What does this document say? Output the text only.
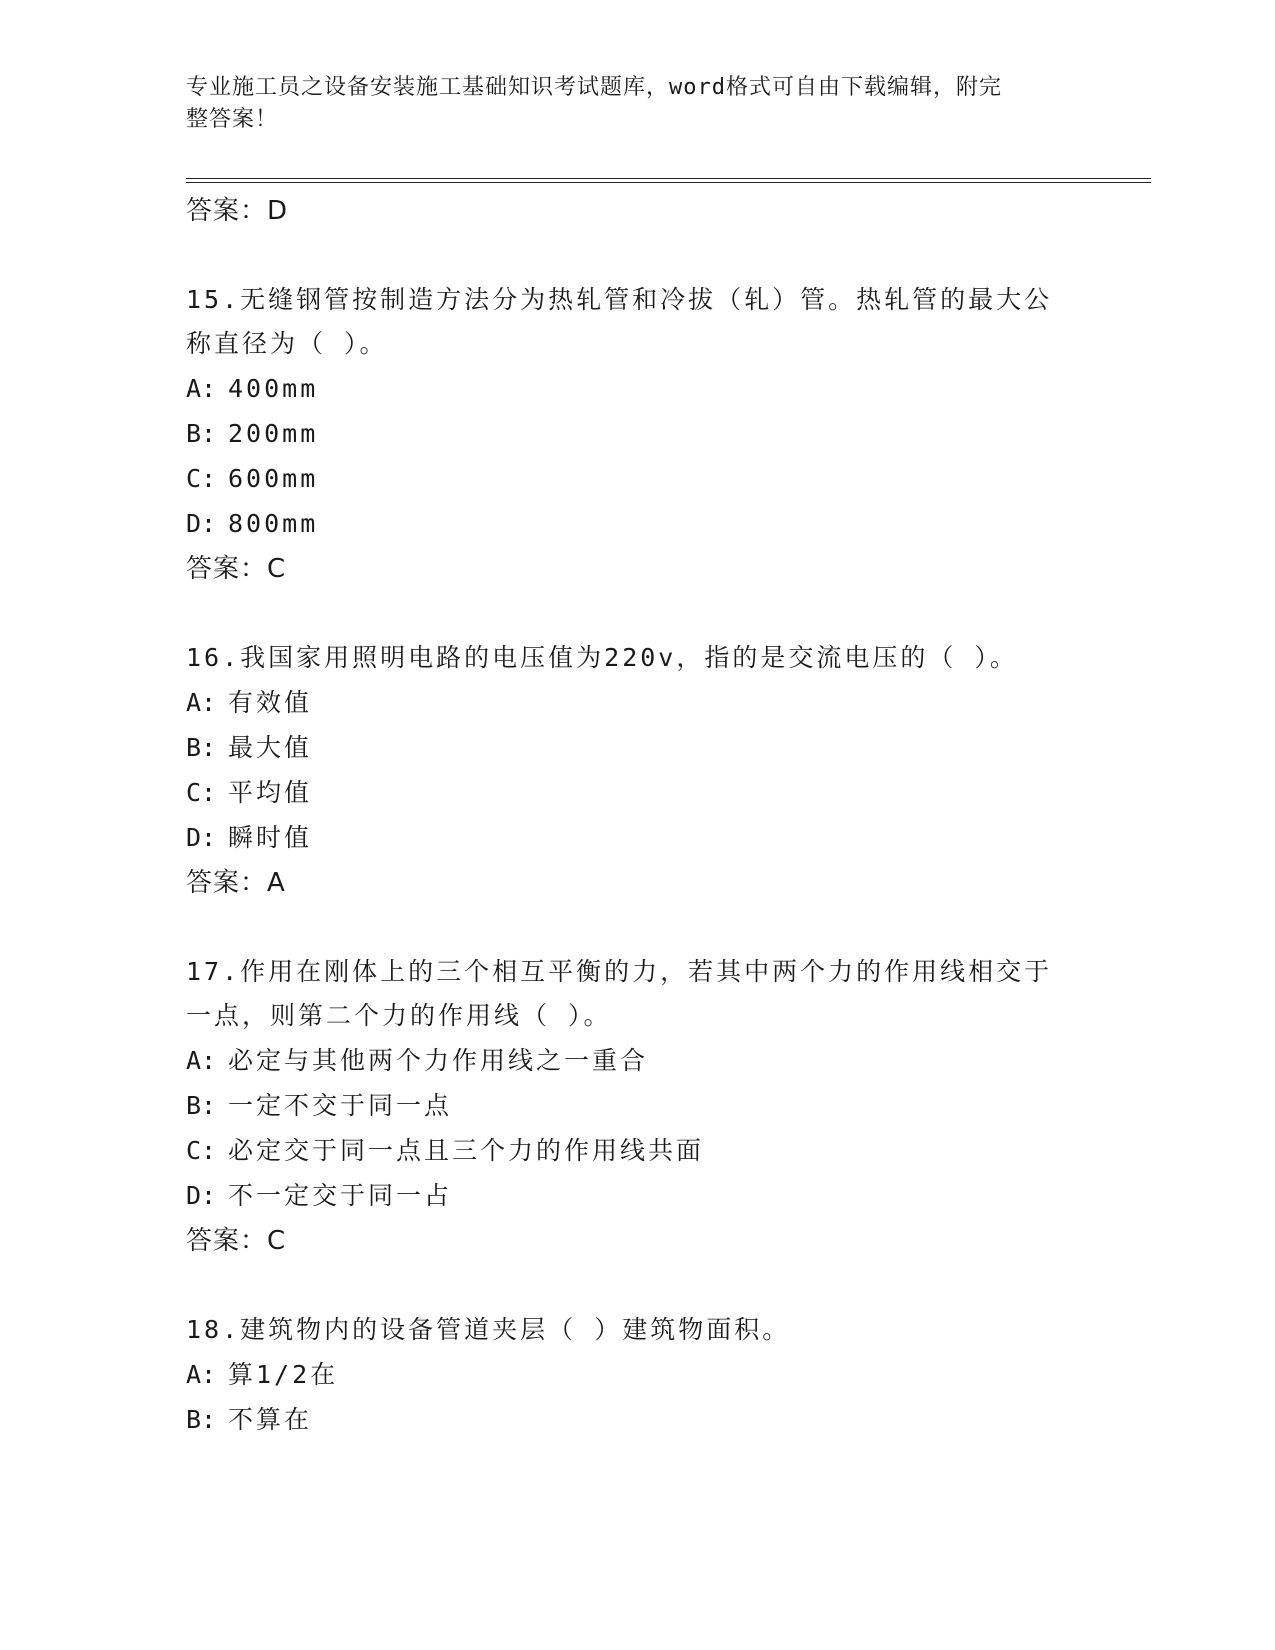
专业施工员之设备安装施工基础知识考试题库，word格式可自由下载编辑，附完
整答案！
答案：D
15.无缝钢管按制造方法分为热轧管和冷拔（轧）管。热轧管的最大公
称直径为（ ）。
A: 400mm
B: 200mm
C: 600mm
D: 800mm
答案：C
16.我国家用照明电路的电压值为220v，指的是交流电压的（ ）。
A: 有效值
B: 最大值
C: 平均值
D: 瞬时值
答案：A
17.作用在刚体上的三个相互平衡的力，若其中两个力的作用线相交于
一点，则第二个力的作用线（ ）。
A: 必定与其他两个力作用线之一重合
B: 一定不交于同一点
C: 必定交于同一点且三个力的作用线共面
D: 不一定交于同一占
答案：C
18.建筑物内的设备管道夹层（ ）建筑物面积。
A: 算1/2在
B: 不算在
